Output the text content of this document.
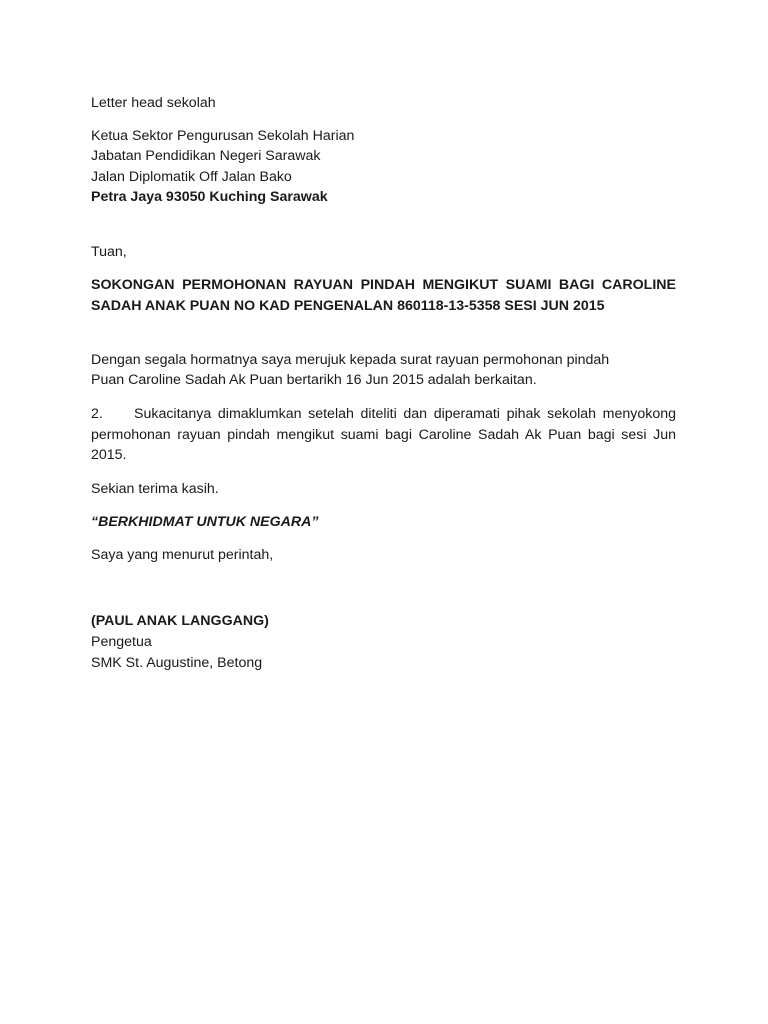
Letter head sekolah
Ketua Sektor Pengurusan Sekolah Harian
Jabatan Pendidikan Negeri Sarawak
Jalan Diplomatik Off Jalan Bako
Petra Jaya 93050 Kuching Sarawak
Tuan,
SOKONGAN PERMOHONAN RAYUAN PINDAH MENGIKUT SUAMI BAGI CAROLINE SADAH ANAK PUAN NO KAD PENGENALAN 860118-13-5358 SESI JUN 2015
Dengan segala hormatnya saya merujuk kepada surat rayuan permohonan pindah
Puan Caroline Sadah Ak Puan bertarikh 16 Jun 2015 adalah berkaitan.
2. Sukacitanya dimaklumkan setelah diteliti dan diperamati pihak sekolah menyokong permohonan rayuan pindah mengikut suami bagi Caroline Sadah Ak Puan bagi sesi Jun 2015.
Sekian terima kasih.
“BERKHIDMAT UNTUK NEGARA”
Saya yang menurut perintah,
(PAUL ANAK LANGGANG)
Pengetua
SMK St. Augustine, Betong
